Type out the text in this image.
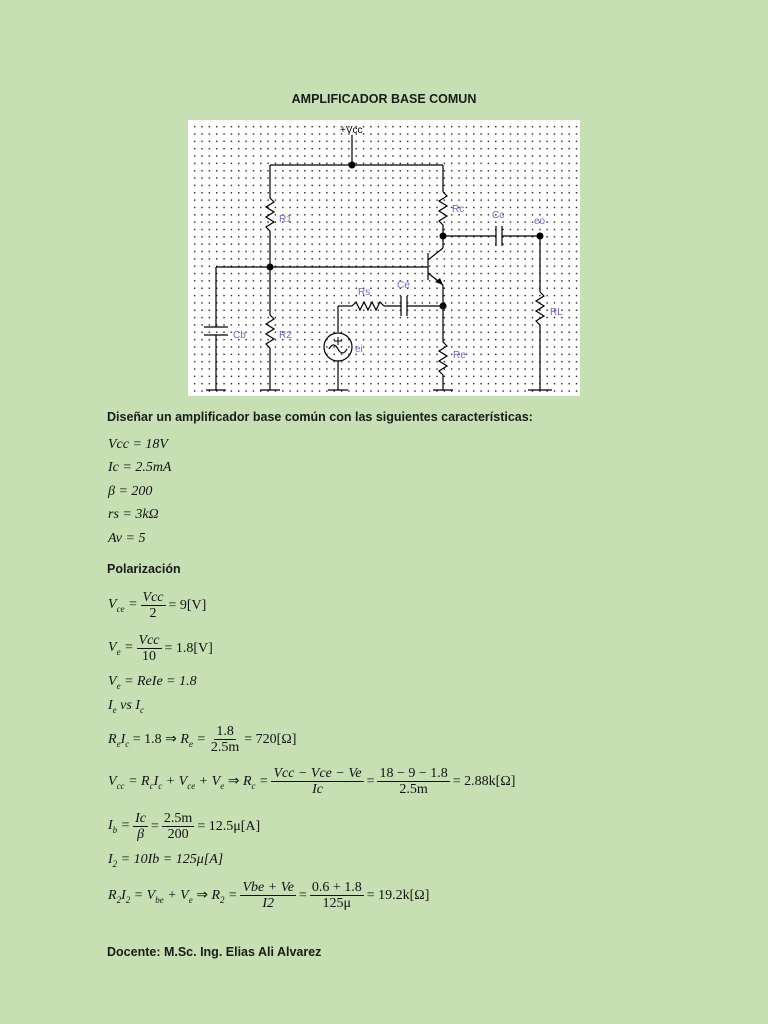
AMPLIFICADOR BASE COMUN
+Vcc
R1
Rc
Cc
eo
Rs
Ce
RL
Cb	R2
ei
Re
Diseñar un amplificador base común con las siguientes características:
Vcc = 18V
Ic = 2.5mA
β = 200
rs = 3kΩ
Av = 5
Polarización
$V_{ce} = \frac{\text{Vcc}}{2} = 9[V]$
$V_e = \frac{\text{Vcc}}{10} = 1.8[V]$
$V_e$ = ReIe = 1.8
$I_e$ vs $I_c$
$R_eI_c = 1.8$ ⇒ $R_e = \frac{1.8}{2.5m} = 720[\Omega]$
$V_{cc} = R_cI_c + V_{ce} + V_e$ ⇒ $R_c = \frac{\text{Vcc − Vce − Ve}}{Ic} = \frac{18 - 9 - 1.8}{2.5m} = 2.88k[\Omega]$
$I_b = \frac{Ic}{\beta} = \frac{2.5m}{200} = 12.5\mu[A]$
$I_2 = 10Ib = 125\mu[A]$
$R_2I_2 = V_{be} + V_e$ ⇒ $R_2 = \frac{\text{Vbe + Ve}}{I2} = \frac{0.6 + 1.8}{125\mu} = 19.2k[\Omega]$
Docente: M.Sc. Ing. Elias Ali Alvarez
